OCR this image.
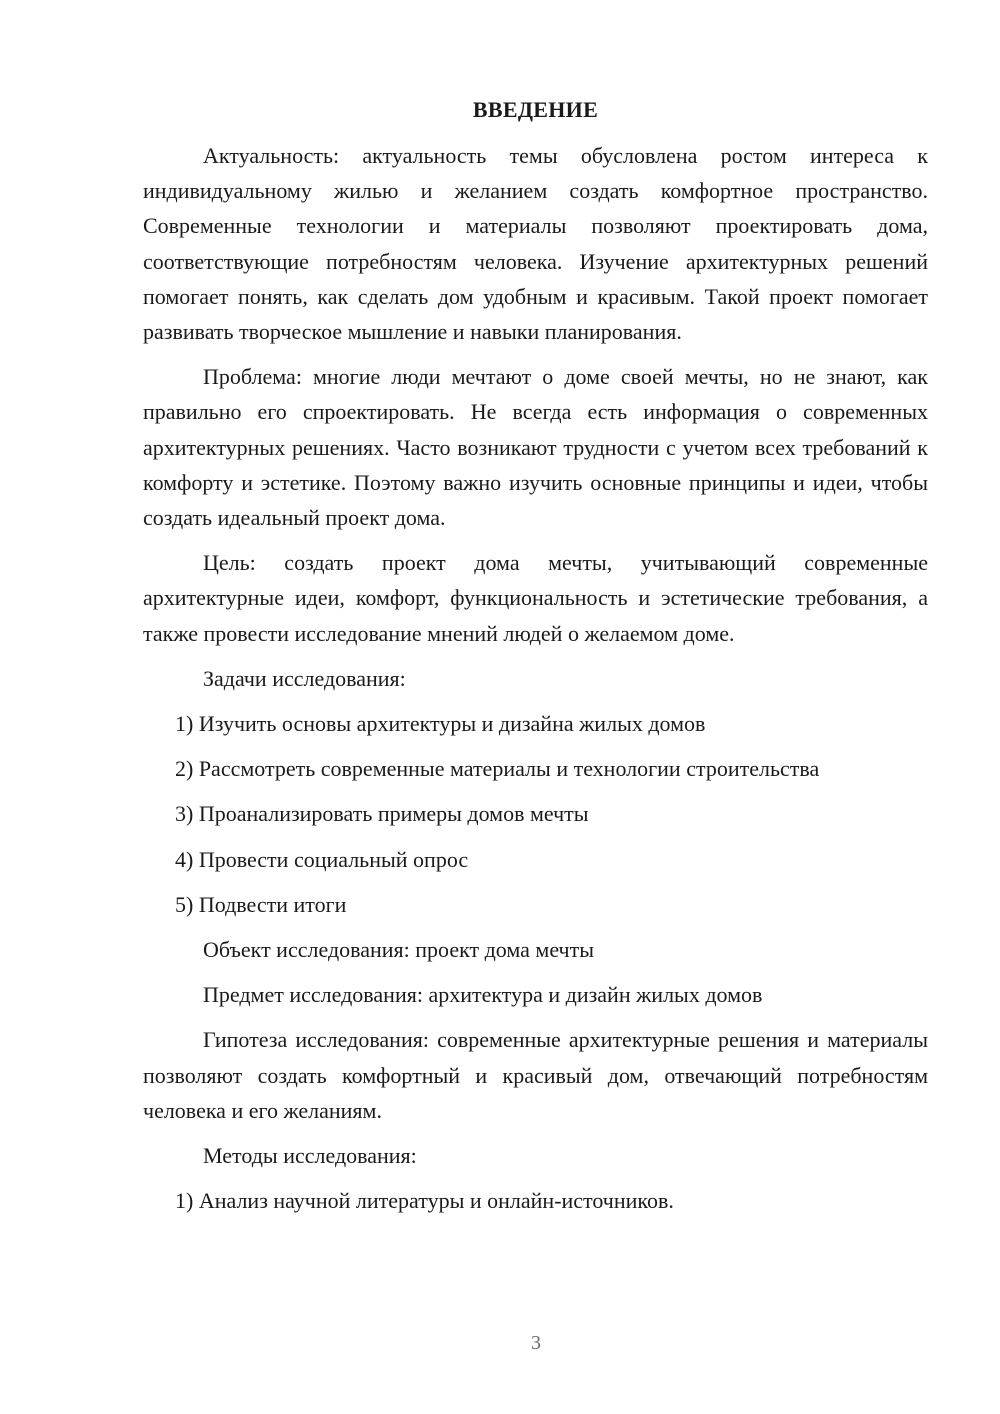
ВВЕДЕНИЕ

Актуальность: актуальность темы обусловлена ростом интереса к индивидуальному жилью и желанием создать комфортное пространство. Современные технологии и материалы позволяют проектировать дома, соответствующие потребностям человека. Изучение архитектурных решений помогает понять, как сделать дом удобным и красивым. Такой проект помогает развивать творческое мышление и навыки планирования.

Проблема: многие люди мечтают о доме своей мечты, но не знают, как правильно его спроектировать. Не всегда есть информация о современных архитектурных решениях. Часто возникают трудности с учетом всех требований к комфорту и эстетике. Поэтому важно изучить основные принципы и идеи, чтобы создать идеальный проект дома.

Цель: создать проект дома мечты, учитывающий современные архитектурные идеи, комфорт, функциональность и эстетические требования, а также провести исследование мнений людей о желаемом доме.

Задачи исследования:
1) Изучить основы архитектуры и дизайна жилых домов
2) Рассмотреть современные материалы и технологии строительства
3) Проанализировать примеры домов мечты
4) Провести социальный опрос
5) Подвести итоги
Объект исследования: проект дома мечты
Предмет исследования: архитектура и дизайн жилых домов

Гипотеза исследования: современные архитектурные решения и материалы позволяют создать комфортный и красивый дом, отвечающий потребностям человека и его желаниям.

Методы исследования:
1) Анализ научной литературы и онлайн-источников.
3
